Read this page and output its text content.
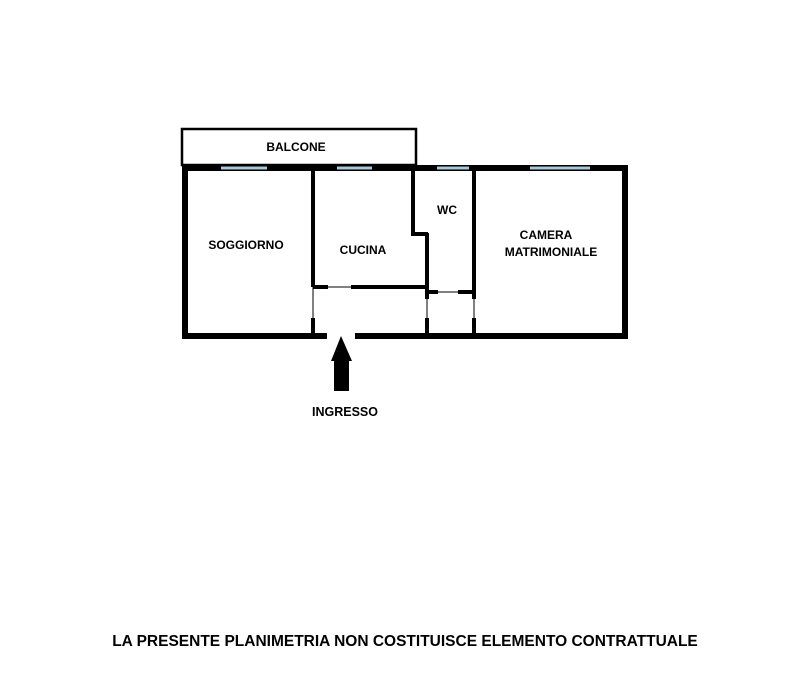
BALCONE
SOGGIORNO	CUCINA
WC
CAMERA
MATRIMONIALE
INGRESSO
LA PRESENTE PLANIMETRIA NON COSTITUISCE ELEMENTO CONTRATTUALE
